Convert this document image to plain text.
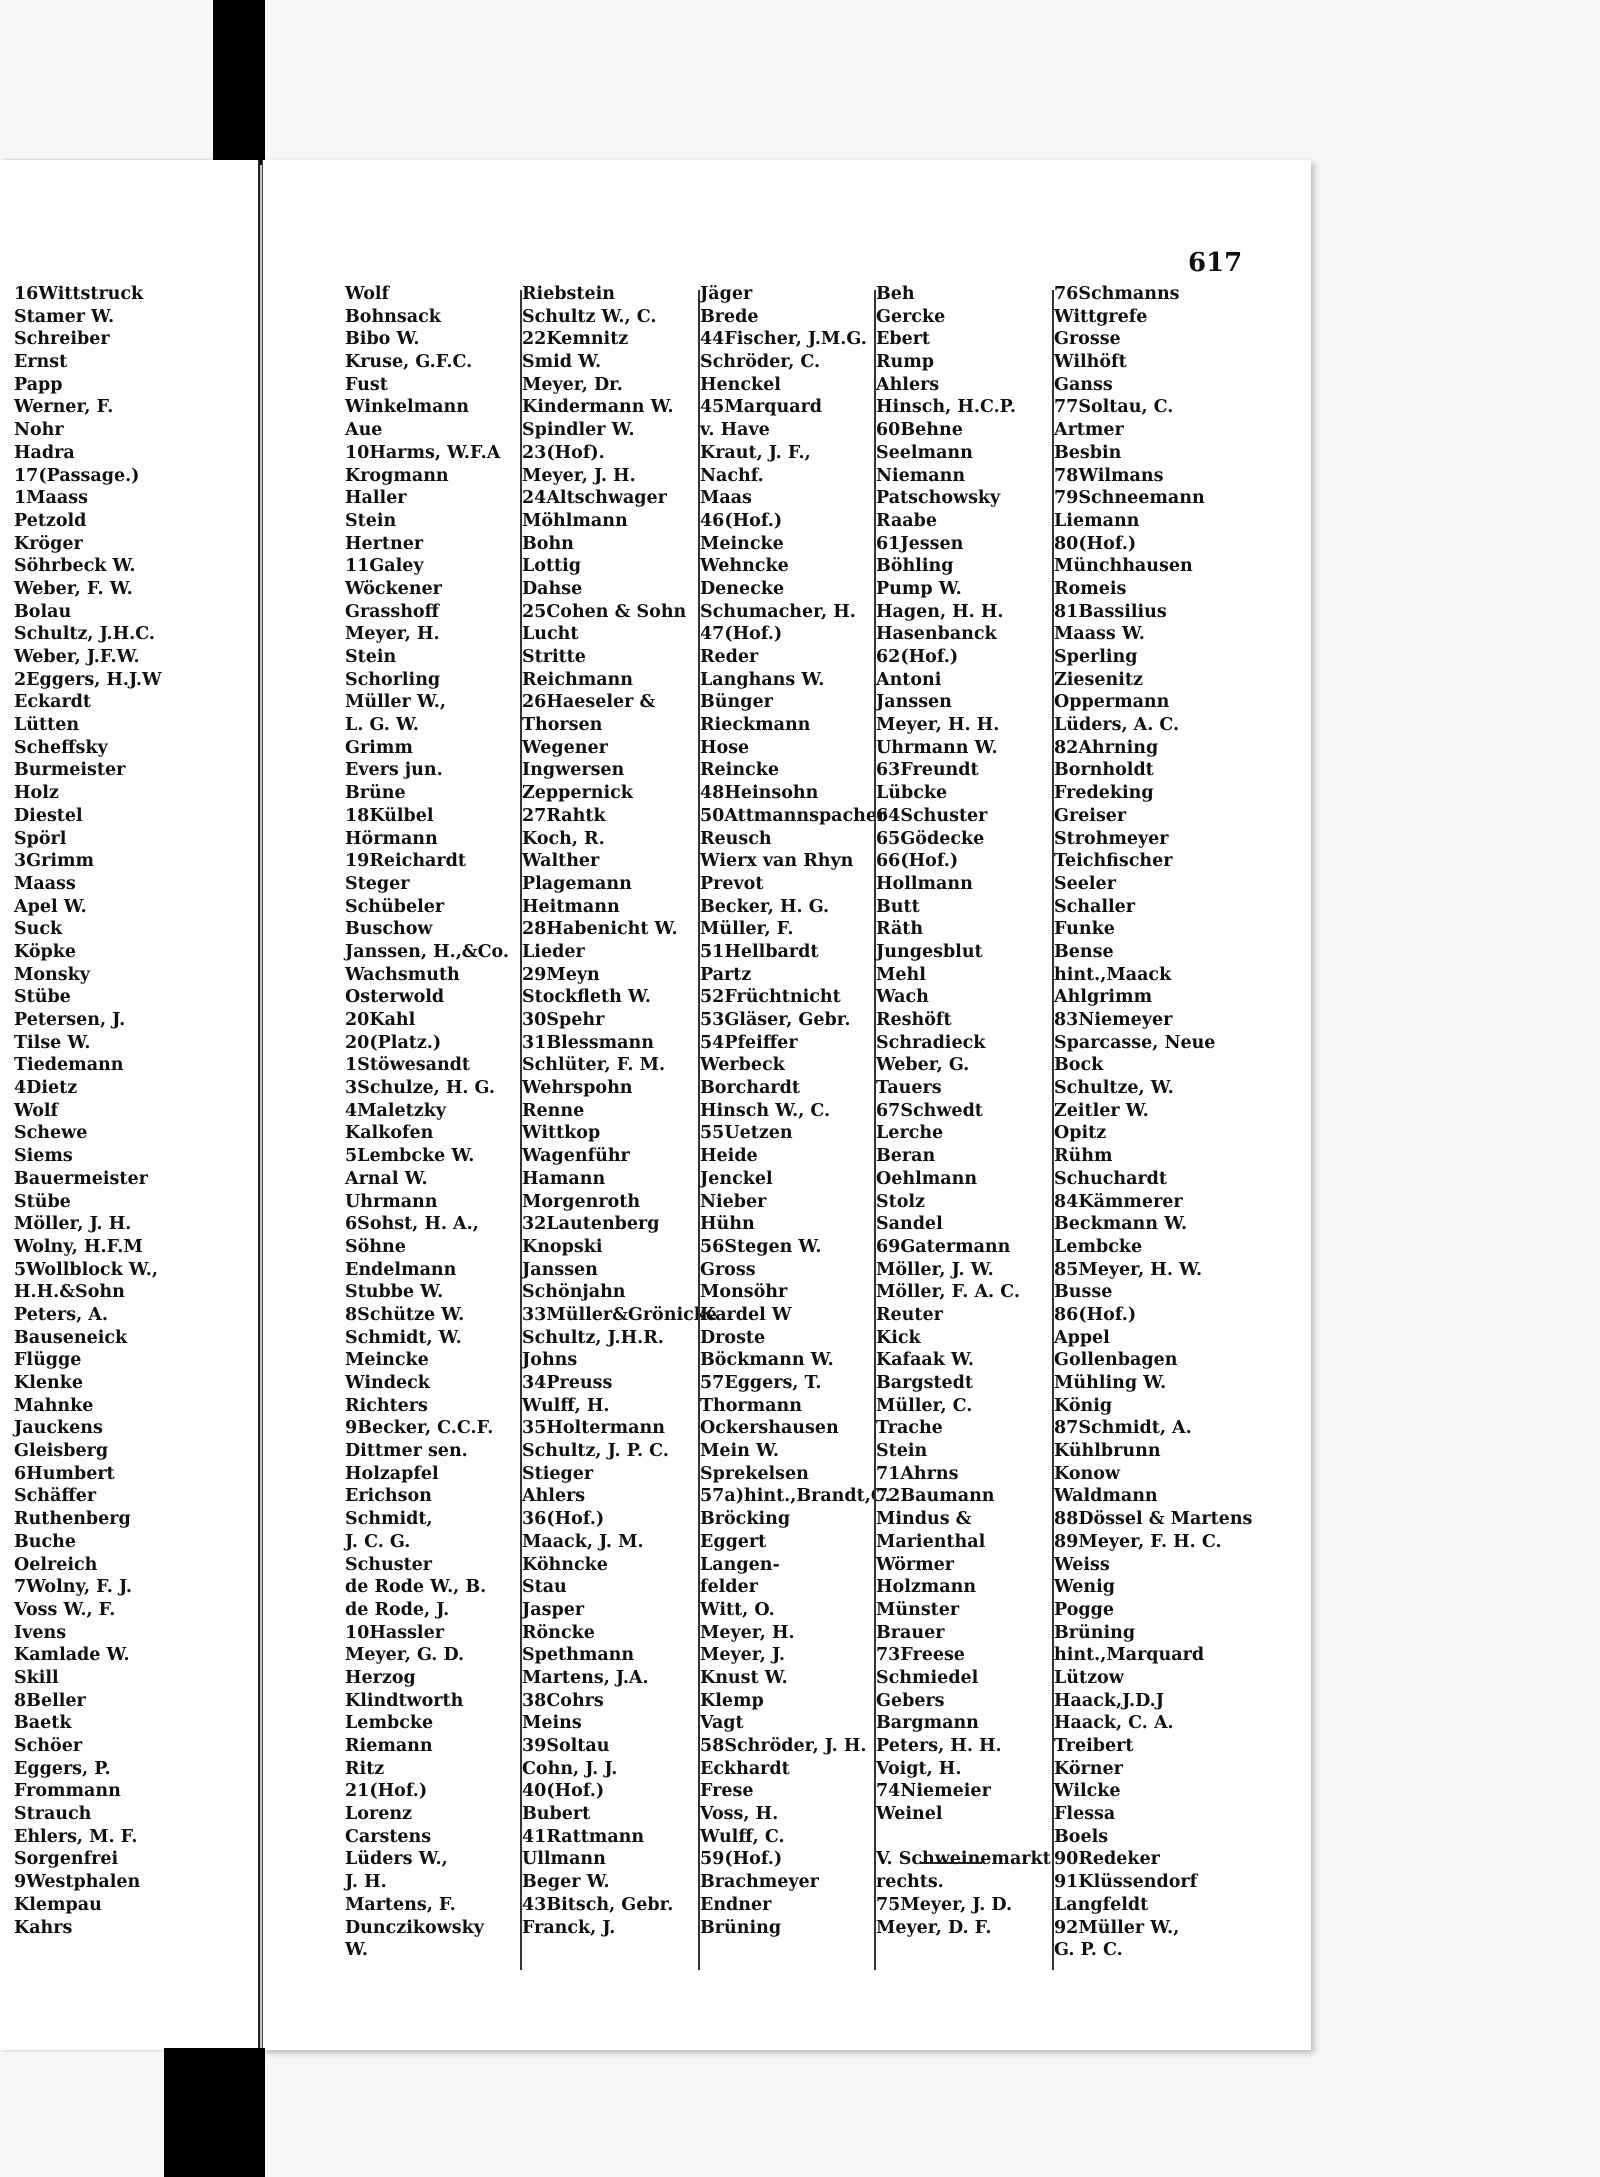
16Wittstruck
Stamer W.
Schreiber
Ernst
Papp
Werner, F.
Nohr
Hadra
17(Passage.)
1Maass
Petzold
Kröger
Söhrbeck W.
Weber, F. W.
Bolau
Schultz, J.H.C.
Weber, J.F.W.
2Eggers, H.J.W
Eckardt
Lütten
Scheffsky
Burmeister
Holz
Diestel
Spörl
3Grimm
Maass
Apel W.
Suck
Köpke
Monsky
Stübe
Petersen, J.
Tilse W.
Tiedemann
4Dietz
Wolf
Schewe
Siems
Bauermeister
Stübe
Möller, J. H.
Wolny, H.F.M
5Wollblock W.,
H.H.&Sohn
Peters, A.
Bauseneick
Flügge
Klenke
Mahnke
Jauckens
Gleisberg
6Humbert
Schäffer
Ruthenberg
Buche
Oelreich
7Wolny, F. J.
Voss W., F.
Ivens
Kamlade W.
Skill
8Beller
Baetk
Schöer
Eggers, P.
Frommann
Strauch
Ehlers, M. F.
Sorgenfrei
9Westphalen
Klempau
Kahrs
617
Wolf
Bohnsack
Bibo W.
Kruse, G.F.C.
Fust
Winkelmann
Aue
10Harms, W.F.A
Krogmann
Haller
Stein
Hertner
11Galey
Wöckener
Grasshoff
Meyer, H.
Stein
Schorling
Müller W.,
L. G. W.
Grimm
Evers jun.
Brüne
18Külbel
Hörmann
19Reichardt
Steger
Schübeler
Buschow
Janssen, H.,&Co.
Wachsmuth
Osterwold
20Kahl
20(Platz.)
1Stöwesandt
3Schulze, H. G.
4Maletzky
Kalkofen
5Lembcke W.
Arnal W.
Uhrmann
6Sohst, H. A.,
Söhne
Endelmann
Stubbe W.
8Schütze W.
Schmidt, W.
Meincke
Windeck
Richters
9Becker, C.C.F.
Dittmer sen.
Holzapfel
Erichson
Schmidt,
J. C. G.
Schuster
de Rode W., B.
de Rode, J.
10Hassler
Meyer, G. D.
Herzog
Klindtworth
Lembcke
Riemann
Ritz
21(Hof.)
Lorenz
Carstens
Lüders W.,
J. H.
Martens, F.
Dunczikowsky
W.
Riebstein
Schultz W., C.
22Kemnitz
Smid W.
Meyer, Dr.
Kindermann W.
Spindler W.
23(Hof).
Meyer, J. H.
24Altschwager
Möhlmann
Bohn
Lottig
Dahse
25Cohen & Sohn
Lucht
Stritte
Reichmann
26Haeseler &
Thorsen
Wegener
Ingwersen
Zeppernick
27Rahtk
Koch, R.
Walther
Plagemann
Heitmann
28Habenicht W.
Lieder
29Meyn
Stockfleth W.
30Spehr
31Blessmann
Schlüter, F. M.
Wehrspohn
Renne
Wittkop
Wagenführ
Hamann
Morgenroth
32Lautenberg
Knopski
Janssen
Schönjahn
33Müller&Grönicke
Schultz, J.H.R.
Johns
34Preuss
Wulff, H.
35Holtermann
Schultz, J. P. C.
Stieger
Ahlers
36(Hof.)
Maack, J. M.
Köhncke
Stau
Jasper
Röncke
Spethmann
Martens, J.A.
38Cohrs
Meins
39Soltau
Cohn, J. J.
40(Hof.)
Bubert
41Rattmann
Ullmann
Beger W.
43Bitsch, Gebr.
Franck, J.
Jäger
Brede
44Fischer, J.M.G.
Schröder, C.
Henckel
45Marquard
v. Have
Kraut, J. F.,
Nachf.
Maas
46(Hof.)
Meincke
Wehncke
Denecke
Schumacher, H.
47(Hof.)
Reder
Langhans W.
Bünger
Rieckmann
Hose
Reincke
48Heinsohn
50Attmannspacher
Reusch
Wierx van Rhyn
Prevot
Becker, H. G.
Müller, F.
51Hellbardt
Partz
52Früchtnicht
53Gläser, Gebr.
54Pfeiffer
Werbeck
Borchardt
Hinsch W., C.
55Uetzen
Heide
Jenckel
Nieber
Hühn
56Stegen W.
Gross
Monsöhr
Kardel W
Droste
Böckmann W.
57Eggers, T.
Thormann
Ockershausen
Mein W.
Sprekelsen
57a)hint.,Brandt,C.
Bröcking
Eggert
Langen-
felder
Witt, O.
Meyer, H.
Meyer, J.
Knust W.
Klemp
Vagt
58Schröder, J. H.
Eckhardt
Frese
Voss, H.
Wulff, C.
59(Hof.)
Brachmeyer
Endner
Brüning
Beh
Gercke
Ebert
Rump
Ahlers
Hinsch, H.C.P.
60Behne
Seelmann
Niemann
Patschowsky
Raabe
61Jessen
Böhling
Pump W.
Hagen, H. H.
Hasenbanck
62(Hof.)
Antoni
Janssen
Meyer, H. H.
Uhrmann W.
63Freundt
Lübcke
64Schuster
65Gödecke
66(Hof.)
Hollmann
Butt
Räth
Jungesblut
Mehl
Wach
Reshöft
Schradieck
Weber, G.
Tauers
67Schwedt
Lerche
Beran
Oehlmann
Stolz
Sandel
69Gatermann
Möller, J. W.
Möller, F. A. C.
Reuter
Kick
Kafaak W.
Bargstedt
Müller, C.
Trache
Stein
71Ahrns
72Baumann
Mindus &
Marienthal
Wörmer
Holzmann
Münster
Brauer
73Freese
Schmiedel
Gebers
Bargmann
Peters, H. H.
Voigt, H.
74Niemeier
Weinel
V. Schweinemarkt
rechts.
75Meyer, J. D.
Meyer, D. F.
76Schmanns
Wittgrefe
Grosse
Wilhöft
Ganss
77Soltau, C.
Artmer
Besbin
78Wilmans
79Schneemann
Liemann
80(Hof.)
Münchhausen
Romeis
81Bassilius
Maass W.
Sperling
Ziesenitz
Oppermann
Lüders, A. C.
82Ahrning
Bornholdt
Fredeking
Greiser
Strohmeyer
Teichfischer
Seeler
Schaller
Funke
Bense
hint.,Maack
Ahlgrimm
83Niemeyer
Sparcasse, Neue
Bock
Schultze, W.
Zeitler W.
Opitz
Rühm
Schuchardt
84Kämmerer
Beckmann W.
Lembcke
85Meyer, H. W.
Busse
86(Hof.)
Appel
Gollenbagen
Mühling W.
König
87Schmidt, A.
Kühlbrunn
Konow
Waldmann
88Dössel & Martens
89Meyer, F. H. C.
Weiss
Wenig
Pogge
Brüning
hint.,Marquard
Lützow
Haack,J.D.J
Haack, C. A.
Treibert
Körner
Wilcke
Flessa
Boels
90Redeker
91Klüssendorf
Langfeldt
92Müller W.,
G. P. C.
